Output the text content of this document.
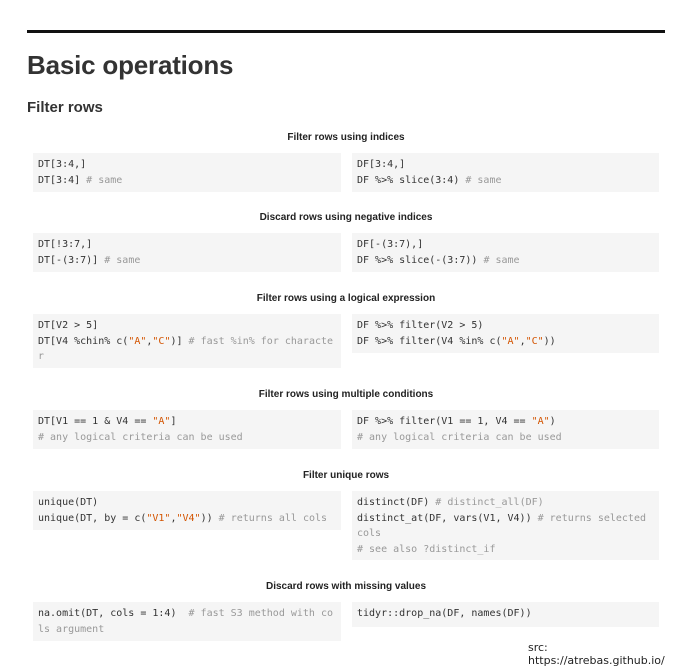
Basic operations
Filter rows
Filter rows using indices
DT[3:4,]
DT[3:4] # same
DF[3:4,]
DF %>% slice(3:4) # same
Discard rows using negative indices
DT[!3:7,]
DT[-(3:7)] # same
DF[-(3:7),]
DF %>% slice(-(3:7)) # same
Filter rows using a logical expression
DT[V2 > 5]
DT[V4 %chin% c("A","C")] # fast %in% for character
DF %>% filter(V2 > 5)
DF %>% filter(V4 %in% c("A","C"))
Filter rows using multiple conditions
DT[V1 == 1 & V4 == "A"]
# any logical criteria can be used
DF %>% filter(V1 == 1, V4 == "A")
# any logical criteria can be used
Filter unique rows
unique(DT)
unique(DT, by = c("V1","V4")) # returns all cols
distinct(DF) # distinct_all(DF)
distinct_at(DF, vars(V1, V4)) # returns selected cols
# see also ?distinct_if
Discard rows with missing values
na.omit(DT, cols = 1:4)  # fast S3 method with cols argument
tidyr::drop_na(DF, names(DF))
src: https://atrebas.github.io/
